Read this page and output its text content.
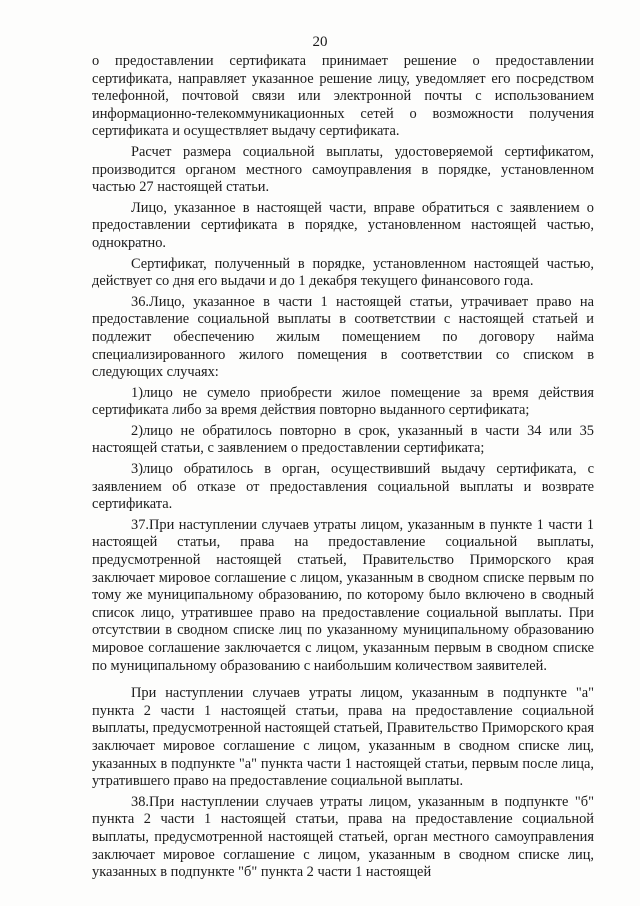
20

о предоставлении сертификата принимает решение о предоставлении сертификата, направляет указанное решение лицу, уведомляет его посредством телефонной, почтовой связи или электронной почты с использованием информационно-телекоммуникационных сетей о возможности получения сертификата и осуществляет выдачу сертификата.

Расчет размера социальной выплаты, удостоверяемой сертификатом, производится органом местного самоуправления в порядке, установленном частью 27 настоящей статьи.

Лицо, указанное в настоящей части, вправе обратиться с заявлением о предоставлении сертификата в порядке, установленном настоящей частью, однократно.

Сертификат, полученный в порядке, установленном настоящей частью, действует со дня его выдачи и до 1 декабря текущего финансового года.

36.Лицо, указанное в части 1 настоящей статьи, утрачивает право на предоставление социальной выплаты в соответствии с настоящей статьей и подлежит обеспечению жилым помещением по договору найма специализированного жилого помещения в соответствии со списком в следующих случаях:

1)лицо не сумело приобрести жилое помещение за время действия сертификата либо за время действия повторно выданного сертификата;

2)лицо не обратилось повторно в срок, указанный в части 34 или 35 настоящей статьи, с заявлением о предоставлении сертификата;

3)лицо обратилось в орган, осуществивший выдачу сертификата, с заявлением об отказе от предоставления социальной выплаты и возврате сертификата.

37.При наступлении случаев утраты лицом, указанным в пункте 1 части 1 настоящей статьи, права на предоставление социальной выплаты, предусмотренной настоящей статьей, Правительство Приморского края заключает мировое соглашение с лицом, указанным в сводном списке первым по тому же муниципальному образованию, по которому было включено в сводный список лицо, утратившее право на предоставление социальной выплаты. При отсутствии в сводном списке лиц по указанному муниципальному образованию мировое соглашение заключается с лицом, указанным первым в сводном списке по муниципальному образованию с наибольшим количеством заявителей.

При наступлении случаев утраты лицом, указанным в подпункте "а" пункта 2 части 1 настоящей статьи, права на предоставление социальной выплаты, предусмотренной настоящей статьей, Правительство Приморского края заключает мировое соглашение с лицом, указанным в сводном списке лиц, указанных в подпункте "а" пункта части 1 настоящей статьи, первым после лица, утратившего право на предоставление социальной выплаты.

38.При наступлении случаев утраты лицом, указанным в подпункте "б" пункта 2 части 1 настоящей статьи, права на предоставление социальной выплаты, предусмотренной настоящей статьей, орган местного самоуправления заключает мировое соглашение с лицом, указанным в сводном списке лиц, указанных в подпункте "б" пункта 2 части 1 настоящей
